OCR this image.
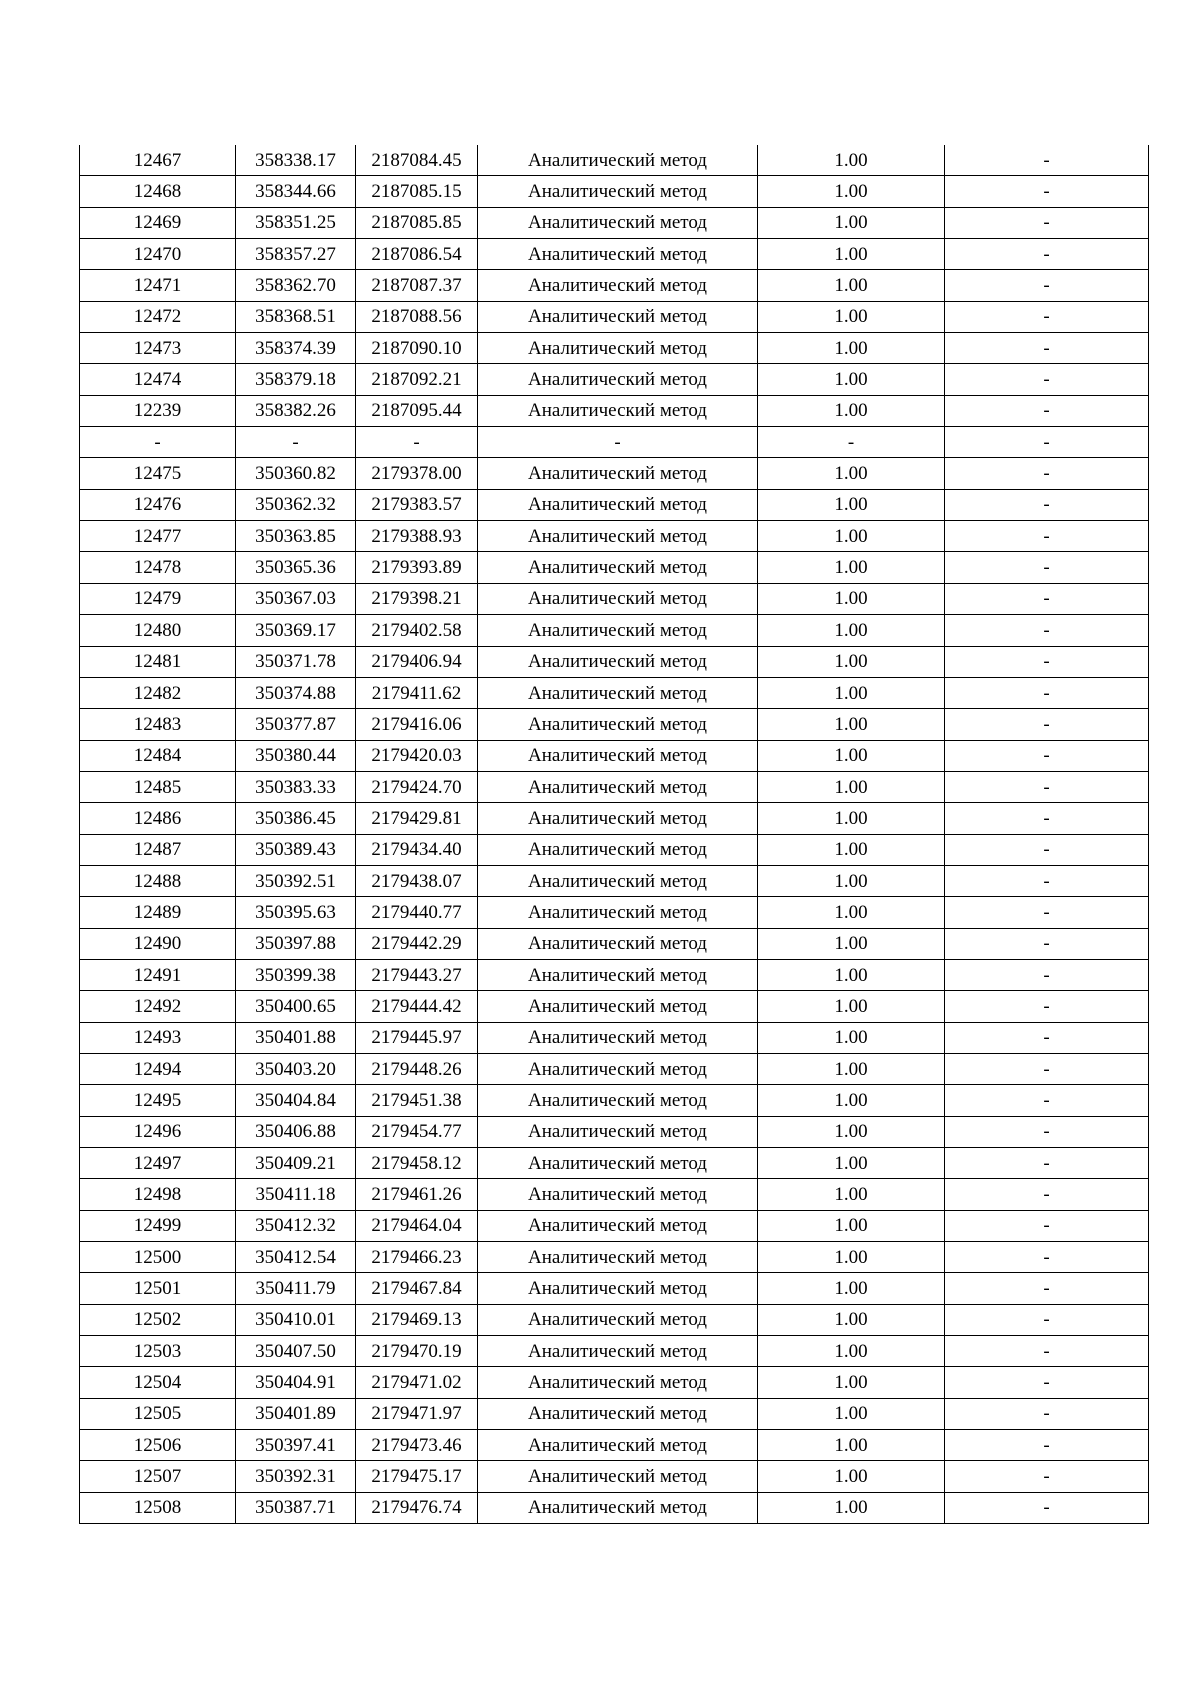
12467	358338.17	2187084.45	Аналитический метод	1.00	-
12468	358344.66	2187085.15	Аналитический метод	1.00	-
12469	358351.25	2187085.85	Аналитический метод	1.00	-
12470	358357.27	2187086.54	Аналитический метод	1.00	-
12471	358362.70	2187087.37	Аналитический метод	1.00	-
12472	358368.51	2187088.56	Аналитический метод	1.00	-
12473	358374.39	2187090.10	Аналитический метод	1.00	-
12474	358379.18	2187092.21	Аналитический метод	1.00	-
12239	358382.26	2187095.44	Аналитический метод	1.00	-
-	-	-	-	-	-
12475	350360.82	2179378.00	Аналитический метод	1.00	-
12476	350362.32	2179383.57	Аналитический метод	1.00	-
12477	350363.85	2179388.93	Аналитический метод	1.00	-
12478	350365.36	2179393.89	Аналитический метод	1.00	-
12479	350367.03	2179398.21	Аналитический метод	1.00	-
12480	350369.17	2179402.58	Аналитический метод	1.00	-
12481	350371.78	2179406.94	Аналитический метод	1.00	-
12482	350374.88	2179411.62	Аналитический метод	1.00	-
12483	350377.87	2179416.06	Аналитический метод	1.00	-
12484	350380.44	2179420.03	Аналитический метод	1.00	-
12485	350383.33	2179424.70	Аналитический метод	1.00	-
12486	350386.45	2179429.81	Аналитический метод	1.00	-
12487	350389.43	2179434.40	Аналитический метод	1.00	-
12488	350392.51	2179438.07	Аналитический метод	1.00	-
12489	350395.63	2179440.77	Аналитический метод	1.00	-
12490	350397.88	2179442.29	Аналитический метод	1.00	-
12491	350399.38	2179443.27	Аналитический метод	1.00	-
12492	350400.65	2179444.42	Аналитический метод	1.00	-
12493	350401.88	2179445.97	Аналитический метод	1.00	-
12494	350403.20	2179448.26	Аналитический метод	1.00	-
12495	350404.84	2179451.38	Аналитический метод	1.00	-
12496	350406.88	2179454.77	Аналитический метод	1.00	-
12497	350409.21	2179458.12	Аналитический метод	1.00	-
12498	350411.18	2179461.26	Аналитический метод	1.00	-
12499	350412.32	2179464.04	Аналитический метод	1.00	-
12500	350412.54	2179466.23	Аналитический метод	1.00	-
12501	350411.79	2179467.84	Аналитический метод	1.00	-
12502	350410.01	2179469.13	Аналитический метод	1.00	-
12503	350407.50	2179470.19	Аналитический метод	1.00	-
12504	350404.91	2179471.02	Аналитический метод	1.00	-
12505	350401.89	2179471.97	Аналитический метод	1.00	-
12506	350397.41	2179473.46	Аналитический метод	1.00	-
12507	350392.31	2179475.17	Аналитический метод	1.00	-
12508	350387.71	2179476.74	Аналитический метод	1.00	-
